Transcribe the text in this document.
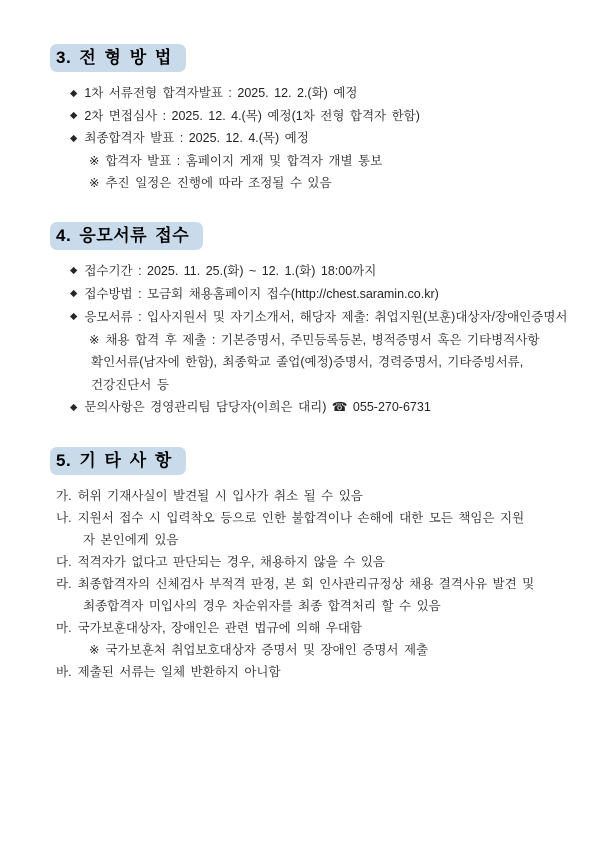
3. 전 형 방 법
◆ 1차 서류전형 합격자발표 : 2025. 12. 2.(화) 예정
◆ 2차 면접심사 : 2025. 12. 4.(목) 예정(1차 전형 합격자 한함)
◆ 최종합격자 발표 : 2025. 12. 4.(목) 예정
※ 합격자 발표 : 홈페이지 게재 및 합격자 개별 통보
※ 추진 일정은 진행에 따라 조정될 수 있음
4. 응모서류 접수
◆ 접수기간 : 2025. 11. 25.(화) ~ 12. 1.(화) 18:00까지
◆ 접수방법 : 모금회 채용홈페이지 접수(http://chest.saramin.co.kr)
◆ 응모서류 : 입사지원서 및 자기소개서, 해당자 제출: 취업지원(보훈)대상자/장애인증명서
※ 채용 합격 후 제출 : 기본증명서, 주민등록등본, 병적증명서 혹은 기타병적사항
확인서류(남자에 한함), 최종학교 졸업(예정)증명서, 경력증명서, 기타증빙서류,
건강진단서 등
◆ 문의사항은 경영관리팀 담당자(이희은 대리) ☎ 055-270-6731
5. 기 타 사 항
가. 허위 기재사실이 발견될 시 입사가 취소 될 수 있음
나. 지원서 접수 시 입력착오 등으로 인한 불합격이나 손해에 대한 모든 책임은 지원
자 본인에게 있음
다. 적격자가 없다고 판단되는 경우, 채용하지 않을 수 있음
라. 최종합격자의 신체검사 부적격 판정, 본 회 인사관리규정상 채용 결격사유 발견 및
최종합격자 미입사의 경우 차순위자를 최종 합격처리 할 수 있음
마. 국가보훈대상자, 장애인은 관련 법규에 의해 우대함
※ 국가보훈처 취업보호대상자 증명서 및 장애인 증명서 제출
바. 제출된 서류는 일체 반환하지 아니함
